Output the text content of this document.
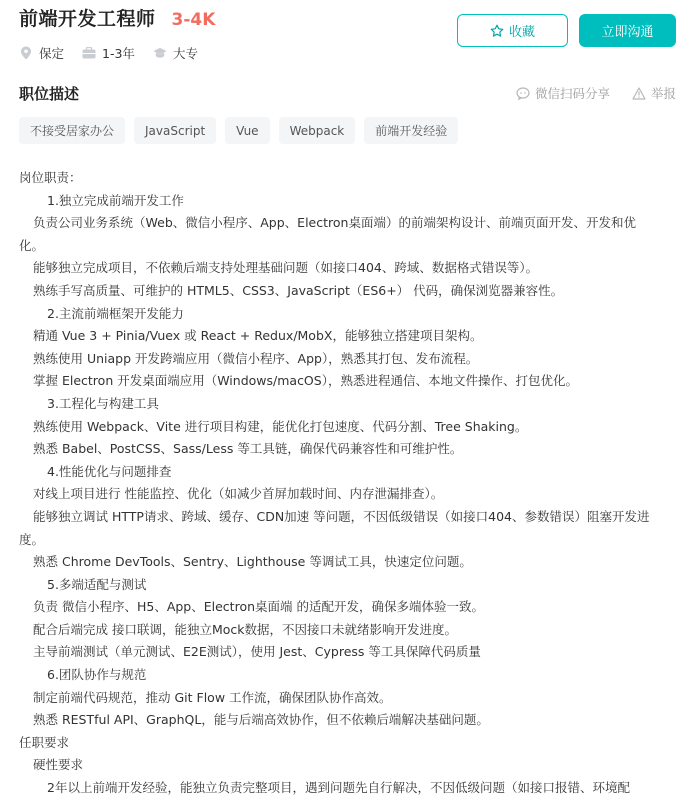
前端开发工程师 3-4K
保定	1-3年	大专
收藏	立即沟通
职位描述	微信扫码分享	举报
不接受居家办公	JavaScript	Vue	Webpack	前端开发经验
岗位职责：
1.独立完成前端开发工作
负责公司业务系统（Web、微信小程序、App、Electron桌面端）的前端架构设计、前端页面开发、开发和优
化。
能够独立完成项目，不依赖后端支持处理基础问题（如接口404、跨域、数据格式错误等）。
熟练手写高质量、可维护的 HTML5、CSS3、JavaScript（ES6+） 代码，确保浏览器兼容性。
2.主流前端框架开发能力
精通 Vue 3 + Pinia/Vuex 或 React + Redux/MobX，能够独立搭建项目架构。
熟练使用 Uniapp 开发跨端应用（微信小程序、App），熟悉其打包、发布流程。
掌握 Electron 开发桌面端应用（Windows/macOS），熟悉进程通信、本地文件操作、打包优化。
3.工程化与构建工具
熟练使用 Webpack、Vite 进行项目构建，能优化打包速度、代码分割、Tree Shaking。
熟悉 Babel、PostCSS、Sass/Less 等工具链，确保代码兼容性和可维护性。
4.性能优化与问题排查
对线上项目进行 性能监控、优化（如减少首屏加载时间、内存泄漏排查）。
能够独立调试 HTTP请求、跨域、缓存、CDN加速 等问题，不因低级错误（如接口404、参数错误）阻塞开发进
度。
熟悉 Chrome DevTools、Sentry、Lighthouse 等调试工具，快速定位问题。
5.多端适配与测试
负责 微信小程序、H5、App、Electron桌面端 的适配开发，确保多端体验一致。
配合后端完成 接口联调，能独立Mock数据，不因接口未就绪影响开发进度。
主导前端测试（单元测试、E2E测试），使用 Jest、Cypress 等工具保障代码质量
6.团队协作与规范
制定前端代码规范，推动 Git Flow 工作流，确保团队协作高效。
熟悉 RESTful API、GraphQL，能与后端高效协作，但不依赖后端解决基础问题。
任职要求
硬性要求
2年以上前端开发经验，能独立负责完整项目，遇到问题先自行解决，不因低级问题（如接口报错、环境配
